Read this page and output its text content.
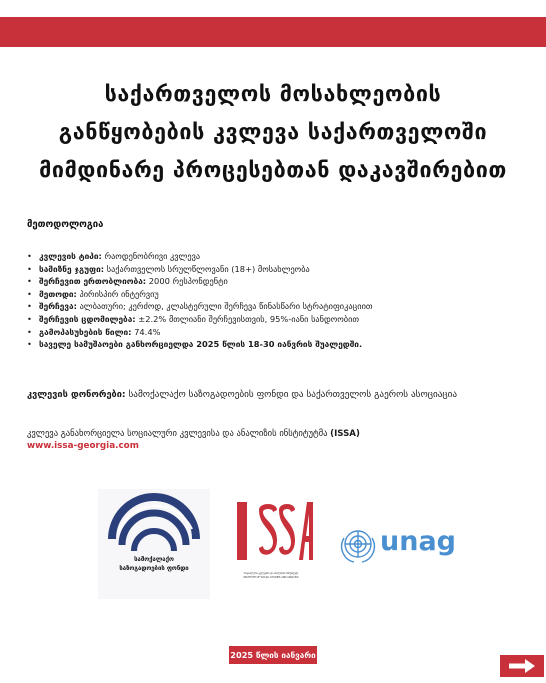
საქართველოს მოსახლეობის
განწყობების კვლევა საქართველოში
მიმდინარე პროცესებთან დაკავშირებით
მეთოდოლოგია
• კვლევის ტიპი: რაოდენობრივი კვლევა
• სამიზნე ჯგუფი: საქართველოს სრულწლოვანი (18+) მოსახლეობა
• შერჩევით ერთობლიობა: 2000 რესპონდენტი
• მეთოდი: პირისპირ ინტერვიუ
• შერჩევა: ალბათური; კერძოდ, კლასტერული შერჩევა წინასწარი სტრატიფიკაციით
• შერჩევის ცდომილება: ±2.2% მთლიანი შერჩევისთვის, 95%-იანი სანდოობით
• გამოპასუხების წილი: 74.4%
• საველე სამუშაოები განხორციელდა 2025 წლის 18-30 იანვრის შუალედში.
კვლევის დონორები: სამოქალაქო საზოგადოების ფონდი და საქართველოს გაეროს ასოციაცია
კვლევა განახორციელა სოციალური კვლევისა და ანალიზის ინსტიტუტმა (ISSA)
www.issa-georgia.com
სამოქალაქო
საზოგადოების ფონდი
სოციალური კვლევისა და ანალიზის ინსტიტუტი
INSTITUTE OF SOCIAL STUDIES AND ANALYSIS
unag
2025 წლის იანვარი
